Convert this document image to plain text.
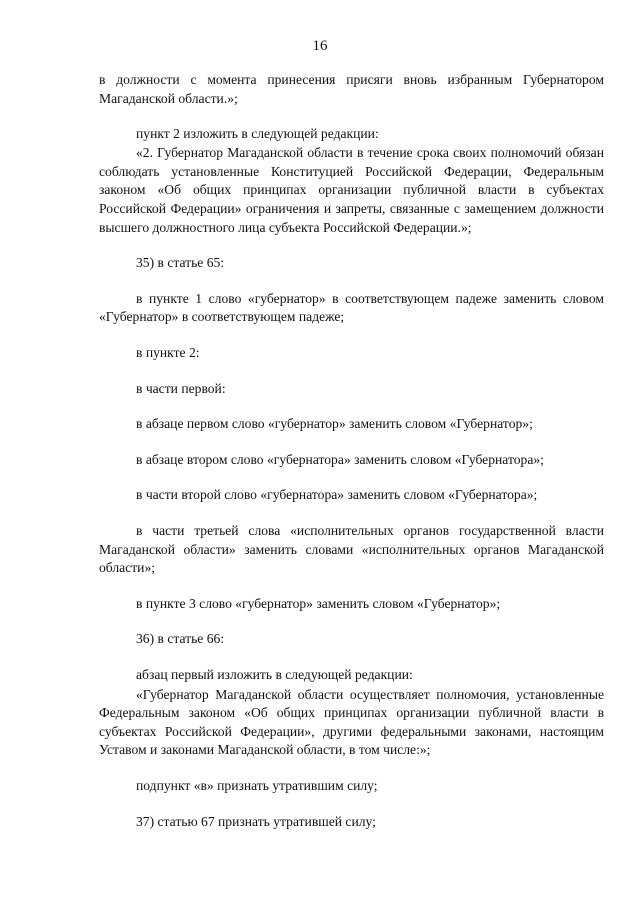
16

в должности с момента принесения присяги вновь избранным Губернатором Магаданской области.»;

пункт 2 изложить в следующей редакции:

«2. Губернатор Магаданской области в течение срока своих полномочий обязан соблюдать установленные Конституцией Российской Федерации, Федеральным законом «Об общих принципах организации публичной власти в субъектах Российской Федерации» ограничения и запреты, связанные с замещением должности высшего должностного лица субъекта Российской Федерации.»;

35) в статье 65:

в пункте 1 слово «губернатор» в соответствующем падеже заменить словом «Губернатор» в соответствующем падеже;

в пункте 2:

в части первой:

в абзаце первом слово «губернатор» заменить словом «Губернатор»;

в абзаце втором слово «губернатора» заменить словом «Губернатора»;

в части второй слово «губернатора» заменить словом «Губернатора»;

в части третьей слова «исполнительных органов государственной власти Магаданской области» заменить словами «исполнительных органов Магаданской области»;

в пункте 3 слово «губернатор» заменить словом «Губернатор»;

36) в статье 66:

абзац первый изложить в следующей редакции:

«Губернатор Магаданской области осуществляет полномочия, установленные Федеральным законом «Об общих принципах организации публичной власти в субъектах Российской Федерации», другими федеральными законами, настоящим Уставом и законами Магаданской области, в том числе:»;

подпункт «в» признать утратившим силу;

37) статью 67 признать утратившей силу;
